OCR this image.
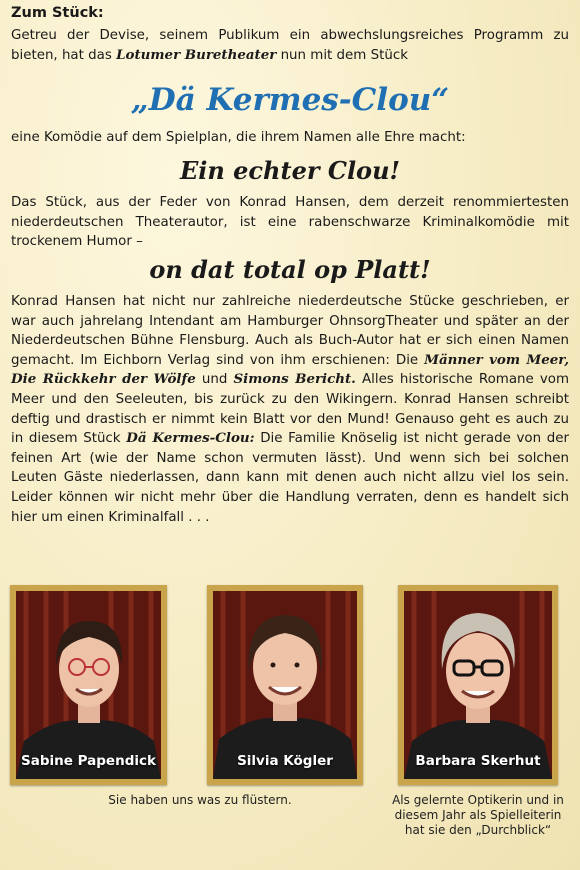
Zum Stück:

Getreu der Devise, seinem Publikum ein abwechslungsreiches Programm zu bieten, hat das Lotumer Buretheater nun mit dem Stück

„Dä Kermes-Clou“

eine Komödie auf dem Spielplan, die ihrem Namen alle Ehre macht:

Ein echter Clou!

Das Stück, aus der Feder von Konrad Hansen, dem derzeit renommiertesten niederdeutschen Theaterautor, ist eine rabenschwarze Kriminalkomödie mit trockenem Humor –

on dat total op Platt!

Konrad Hansen hat nicht nur zahlreiche niederdeutsche Stücke geschrieben, er war auch jahrelang Intendant am Hamburger OhnsorgTheater und später an der Niederdeutschen Bühne Flensburg. Auch als Buch-Autor hat er sich einen Namen gemacht. Im Eichborn Verlag sind von ihm erschienen: Die Männer vom Meer, Die Rückkehr der Wölfe und Simons Bericht. Alles historische Romane vom Meer und den Seeleuten, bis zurück zu den Wikingern. Konrad Hansen schreibt deftig und drastisch er nimmt kein Blatt vor den Mund! Genauso geht es auch zu in diesem Stück Dä Kermes-Clou: Die Familie Knöselig ist nicht gerade von der feinen Art (wie der Name schon vermuten lässt). Und wenn sich bei solchen Leuten Gäste niederlassen, dann kann mit denen auch nicht allzu viel los sein. Leider können wir nicht mehr über die Handlung verraten, denn es handelt sich hier um einen Kriminalfall . . .

Sabine Papendick	Silvia Kögler	Barbara Skerhut
Sie haben uns was zu flüstern.	Als gelernte Optikerin und in diesem Jahr als Spielleiterin hat sie den „Durchblick“
